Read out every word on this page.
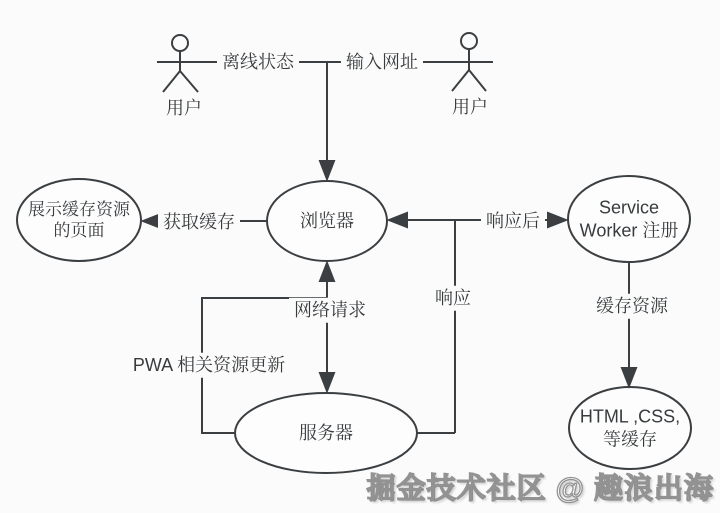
用户	用户
离线状态	输入网址
获取缓存	响应后
响应
网络请求
PWA 相关资源更新
缓存资源
展示缓存资源
的页面	浏览器
Service
Worker 注册
服务器
HTML ,CSS,
等缓存
掘金技术社区 @ 趣浪出海
